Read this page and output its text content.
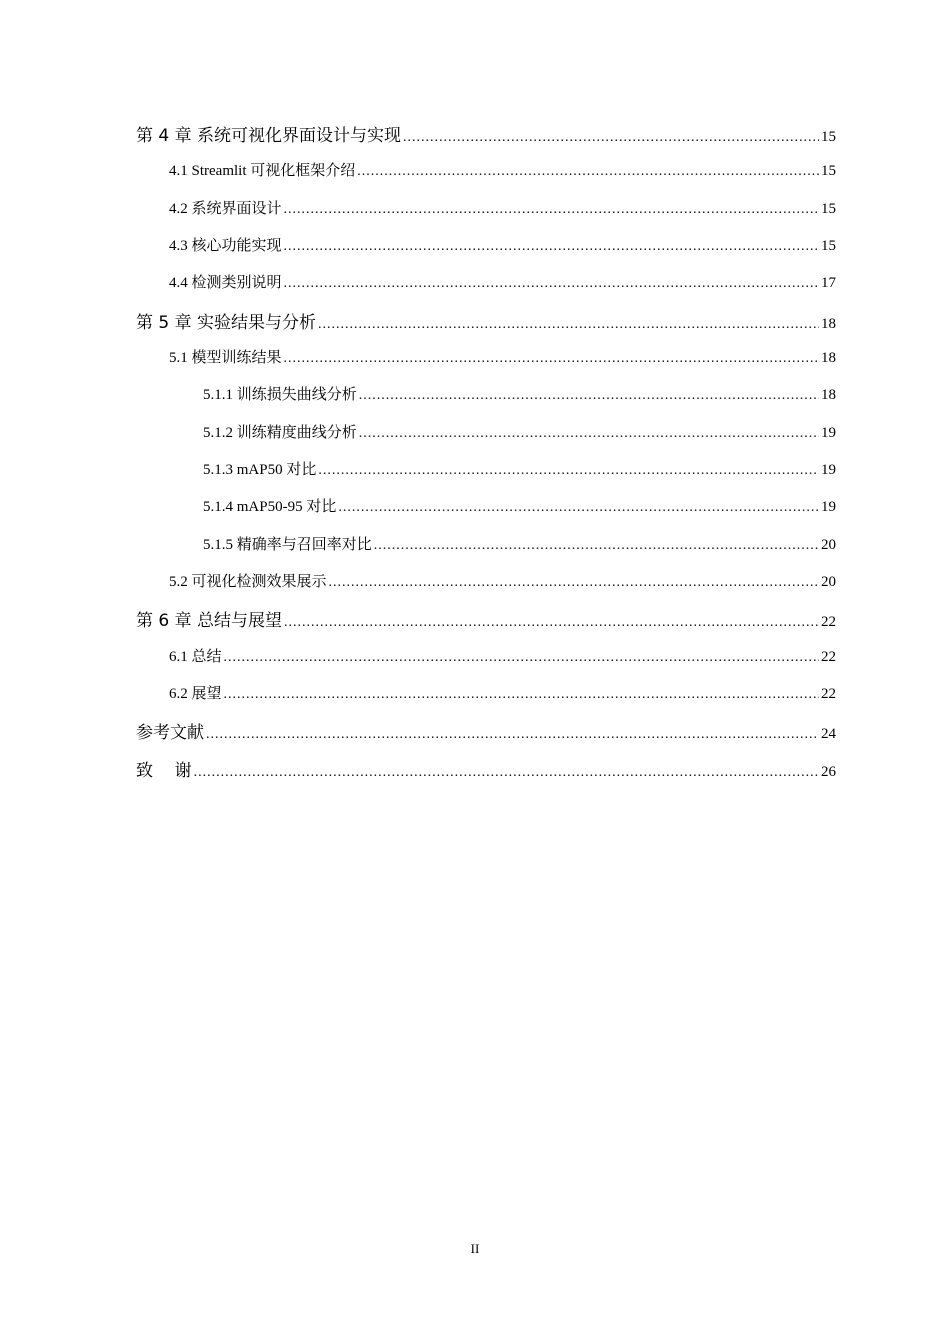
第 4 章 系统可视化界面设计与实现 .....	15
4.1 Streamlit 可视化框架介绍 .....	15
4.2 系统界面设计 .....	15
4.3 核心功能实现 .....	15
4.4 检测类别说明 .....	17
第 5 章 实验结果与分析 .....	18
5.1 模型训练结果 .....	18
5.1.1 训练损失曲线分析 .....	18
5.1.2 训练精度曲线分析 .....	19
5.1.3 mAP50 对比 .....	19
5.1.4 mAP50-95 对比 .....	19
5.1.5 精确率与召回率对比 .....	20
5.2 可视化检测效果展示 .....	20
第 6 章 总结与展望 .....	22
6.1 总结 .....	22
6.2 展望 .....	22
参考文献 .....	24
致    谢 .....	26
II
